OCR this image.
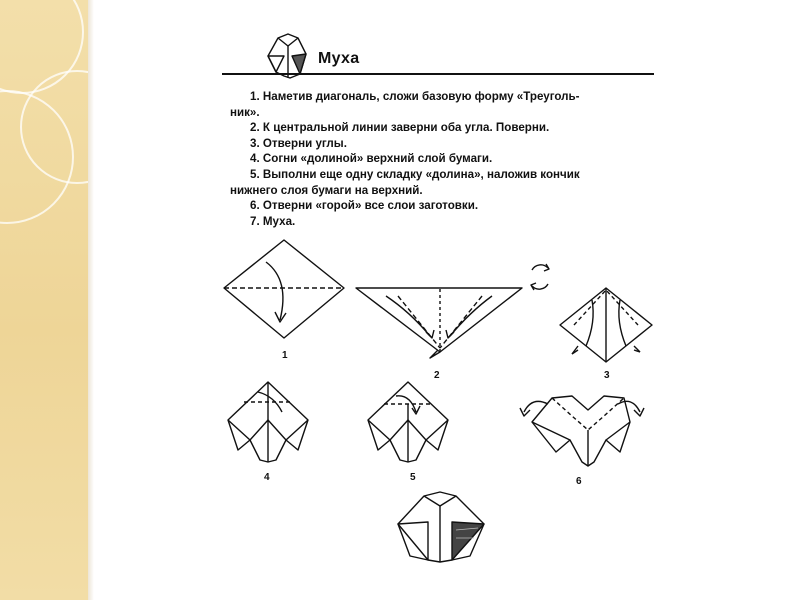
Муха
1. Наметив диагональ, сложи базовую форму «Треуголь-
ник».
2. К центральной линии заверни оба угла. Поверни.
3. Отверни углы.
4. Согни «долиной» верхний слой бумаги.
5. Выполни еще одну складку «долина», наложив кончик
нижнего слоя бумаги на верхний.
6. Отверни «горой» все слои заготовки.
7. Муха.
1
2	3
4	5	6
